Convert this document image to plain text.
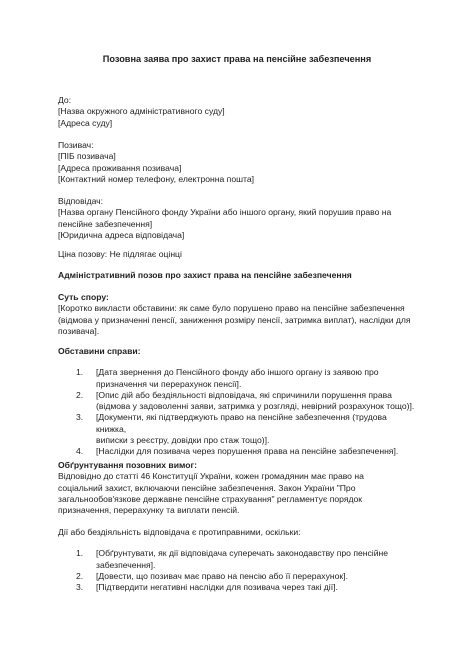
Позовна заява про захист права на пенсійне забезпечення

До:

[Назва окружного адміністративного суду]

[Адреса суду]

Позивач:

[ПІБ позивача]

[Адреса проживання позивача]

[Контактний номер телефону, електронна пошта]

Відповідач:

[Назва органу Пенсійного фонду України або іншого органу, який порушив право на

пенсійне забезпечення]

[Юридична адреса відповідача]

Ціна позову: Не підлягає оцінці
Адміністративний позов про захист права на пенсійне забезпечення

Суть спору:

[Коротко викласти обставини: як саме було порушено право на пенсійне забезпечення

(відмова у призначенні пенсії, заниження розміру пенсії, затримка виплат), наслідки для

позивача].

Обставини справи:

1. [Дата звернення до Пенсійного фонду або іншого органу із заявою про

призначення чи перерахунок пенсії].

2. [Опис дій або бездіяльності відповідача, які спричинили порушення права

(відмова у задоволенні заяви, затримка у розгляді, невірний розрахунок тощо)].

3. [Документи, які підтверджують право на пенсійне забезпечення (трудова книжка,

виписки з реєстру, довідки про стаж тощо)].

4. [Наслідки для позивача через порушення права на пенсійне забезпечення].

Обґрунтування позовних вимог:

Відповідно до статті 46 Конституції України, кожен громадянин має право на

соціальний захист, включаючи пенсійне забезпечення. Закон України "Про

загальнообов'язкове державне пенсійне страхування" регламентує порядок

призначення, перерахунку та виплати пенсій.

Дії або бездіяльність відповідача є протиправними, оскільки:

1. [Обґрунтувати, як дії відповідача суперечать законодавству про пенсійне

забезпечення].

2. [Довести, що позивач має право на пенсію або її перерахунок].

3. [Підтвердити негативні наслідки для позивача через такі дії].
